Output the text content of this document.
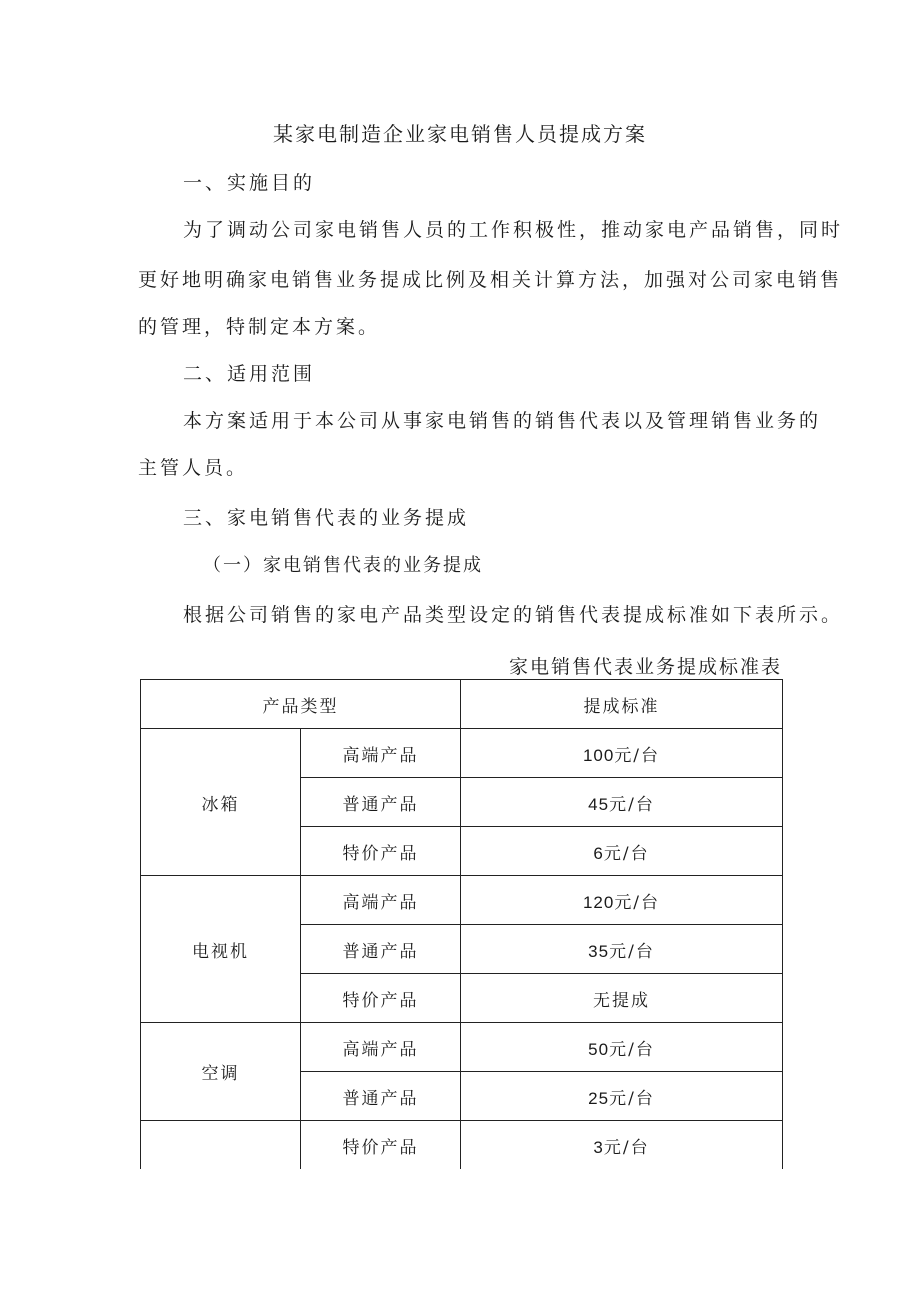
某家电制造企业家电销售人员提成方案
一、实施目的
为了调动公司家电销售人员的工作积极性，推动家电产品销售，同时
更好地明确家电销售业务提成比例及相关计算方法，加强对公司家电销售
的管理，特制定本方案。
二、适用范围
本方案适用于本公司从事家电销售的销售代表以及管理销售业务的
主管人员。
三、家电销售代表的业务提成
（一）家电销售代表的业务提成
根据公司销售的家电产品类型设定的销售代表提成标准如下表所示。
家电销售代表业务提成标准表
产品类型		提成标准
冰箱	高端产品	100元/台
	普通产品	45元/台
	特价产品	6元/台
电视机	高端产品	120元/台
	普通产品	35元/台
	特价产品	无提成
空调	高端产品	50元/台
	普通产品	25元/台
	特价产品	3元/台
